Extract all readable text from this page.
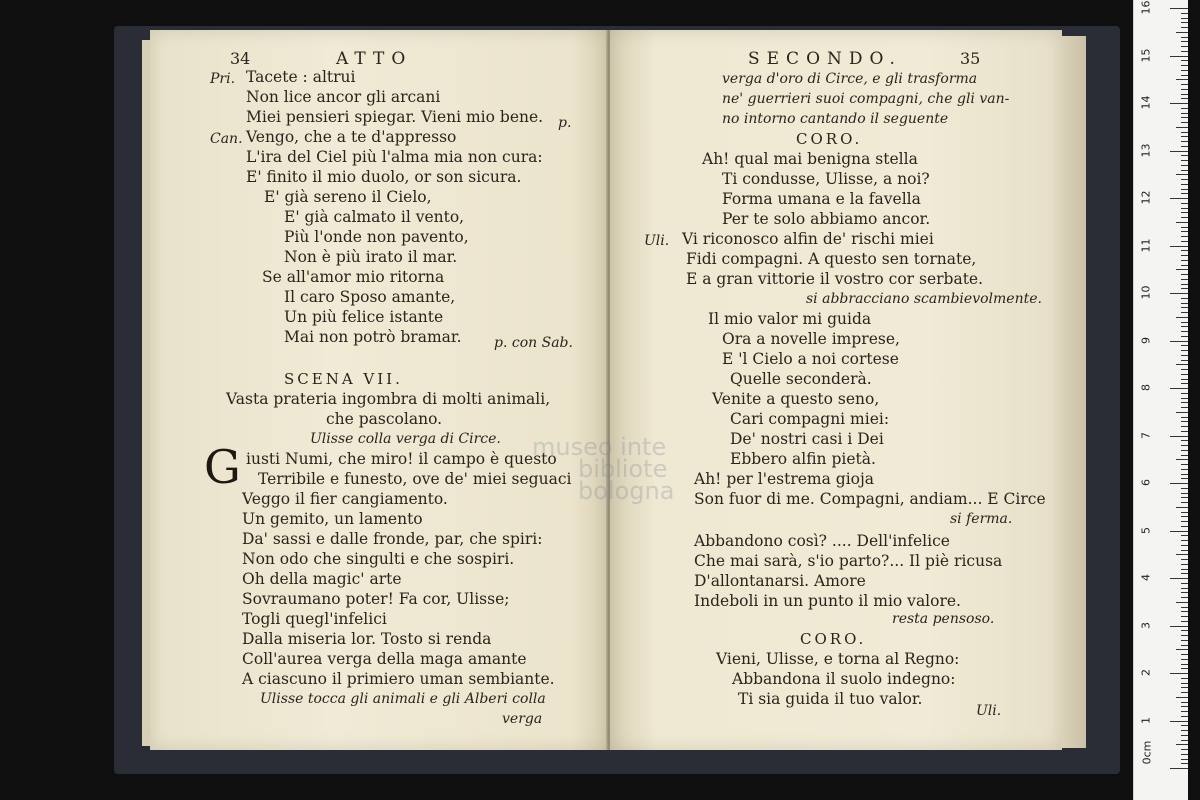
34	ATTO
Pri. Tacete : altrui
Non lice ancor gli arcani
Miei pensieri spiegar. Vieni mio bene. p.
Can. Vengo, che a te d'appresso
L'ira del Ciel più l'alma mia non cura:
E' finito il mio duolo, or son sicura.
E' già sereno il Cielo,
E' già calmato il vento,
Più l'onde non pavento,
Non è più irato il mar.
Se all'amor mio ritorna
Il caro Sposo amante,
Un più felice istante
Mai non potrò bramar. p. con Sab.
SCENA VII.
Vasta prateria ingombra di molti animali,
che pascolano.
Ulisse colla verga di Circe.
G iusti Numi, che miro! il campo è questo
Terribile e funesto, ove de' miei seguaci
Veggo il fier cangiamento.
Un gemito, un lamento
Da' sassi e dalle fronde, par, che spiri:
Non odo che singulti e che sospiri.
Oh della magic' arte
Sovraumano poter! Fa cor, Ulisse;
Togli quegl'infelici
Dalla miseria lor. Tosto si renda
Coll'aurea verga della maga amante
A ciascuno il primiero uman sembiante.
Ulisse tocca gli animali e gli Alberi colla
verga
SECONDO.	35
verga d'oro di Circe, e gli trasforma
ne' guerrieri suoi compagni, che gli van-
no intorno cantando il seguente
CORO.
Ah! qual mai benigna stella
Ti condusse, Ulisse, a noi?
Forma umana e la favella
Per te solo abbiamo ancor.
Uli. Vi riconosco alfin de' rischi miei
Fidi compagni. A questo sen tornate,
E a gran vittorie il vostro cor serbate.
si abbracciano scambievolmente.
Il mio valor mi guida
Ora a novelle imprese,
E 'l Cielo a noi cortese
Quelle seconderà.
Venite a questo seno,
Cari compagni miei:
De' nostri casi i Dei
Ebbero alfin pietà.
Ah! per l'estrema gioja
Son fuor di me. Compagni, andiam... E Circe
si ferma.
Abbandono così? .... Dell'infelice
Che mai sarà, s'io parto?... Il piè ricusa
D'allontanarsi. Amore
Indeboli in un punto il mio valore.
resta pensoso.
CORO.
Vieni, Ulisse, e torna al Regno:
Abbandona il suolo indegno:
Ti sia guida il tuo valor.
Uli.
museo inte
bibliote
bologna
0cm
1
2
3
4
5
6
7
8
9
10
11
12
13
14
15
16
